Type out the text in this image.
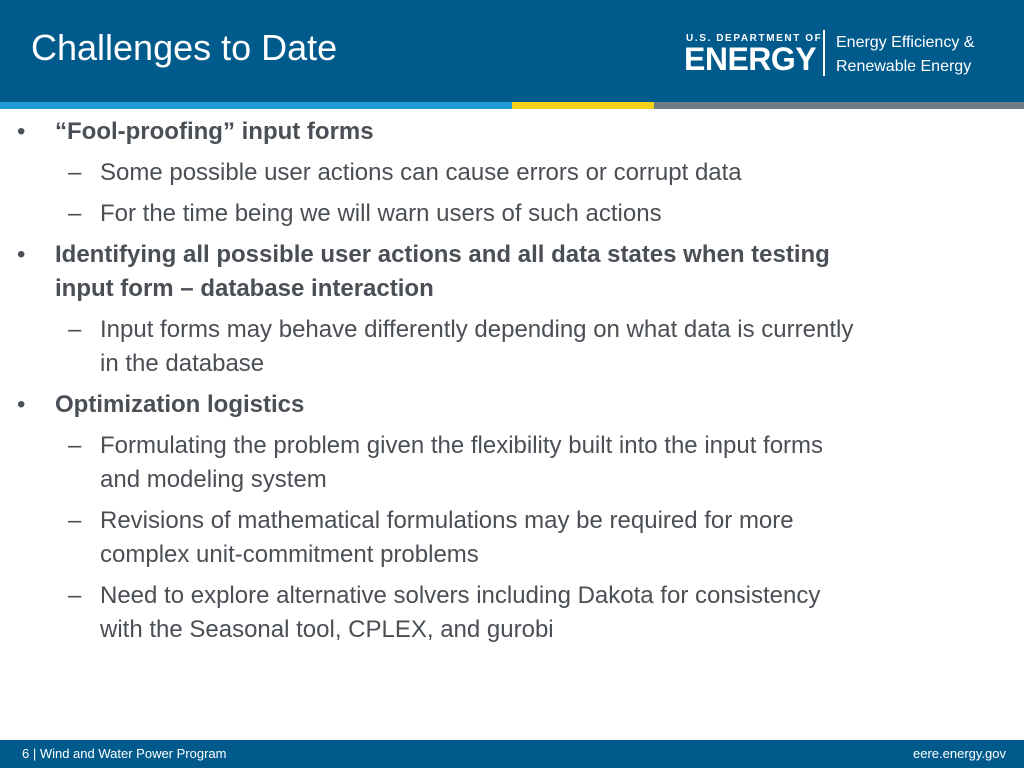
Challenges to Date	U.S. DEPARTMENT OF
ENERGY Energy Efficiency &
Renewable Energy
• “Fool-proofing” input forms
– Some possible user actions can cause errors or corrupt data
– For the time being we will warn users of such actions
• Identifying all possible user actions and all data states when testing
input form – database interaction
– Input forms may behave differently depending on what data is currently
in the database
• Optimization logistics
– Formulating the problem given the flexibility built into the input forms
and modeling system
– Revisions of mathematical formulations may be required for more
complex unit-commitment problems
– Need to explore alternative solvers including Dakota for consistency
with the Seasonal tool, CPLEX, and gurobi
6 | Wind and Water Power Program	eere.energy.gov
